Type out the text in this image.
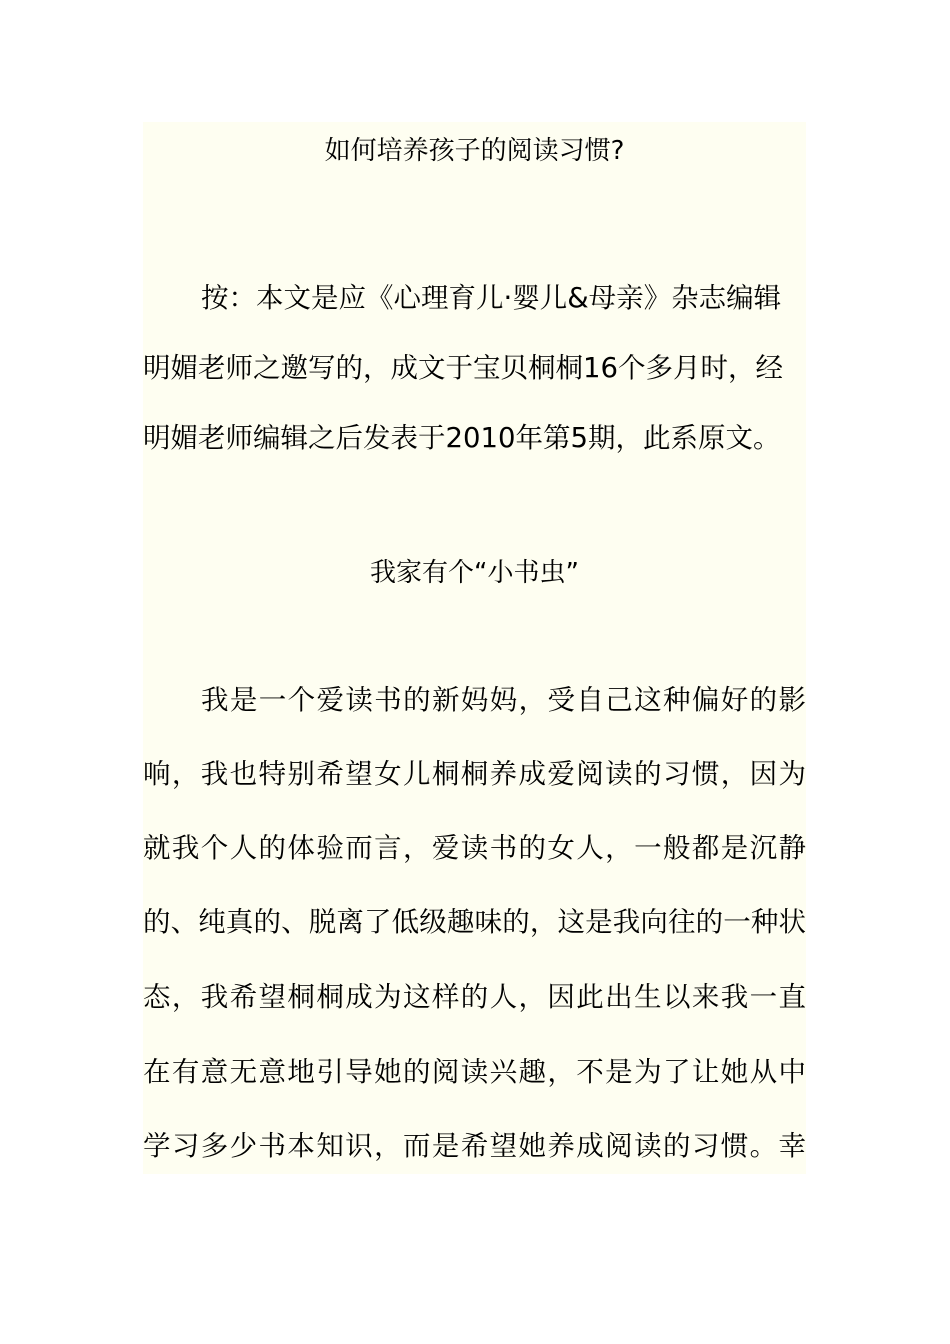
如何培养孩子的阅读习惯?
按：本文是应《心理育儿·婴儿&母亲》杂志编辑
明媚老师之邀写的，成文于宝贝桐桐16个多月时，经
明媚老师编辑之后发表于2010年第5期，此系原文。
我家有个“小书虫”
我是一个爱读书的新妈妈，受自己这种偏好的影
响，我也特别希望女儿桐桐养成爱阅读的习惯，因为
就我个人的体验而言，爱读书的女人，一般都是沉静
的、纯真的、脱离了低级趣味的，这是我向往的一种状
态，我希望桐桐成为这样的人，因此出生以来我一直
在有意无意地引导她的阅读兴趣，不是为了让她从中
学习多少书本知识，而是希望她养成阅读的习惯。幸
